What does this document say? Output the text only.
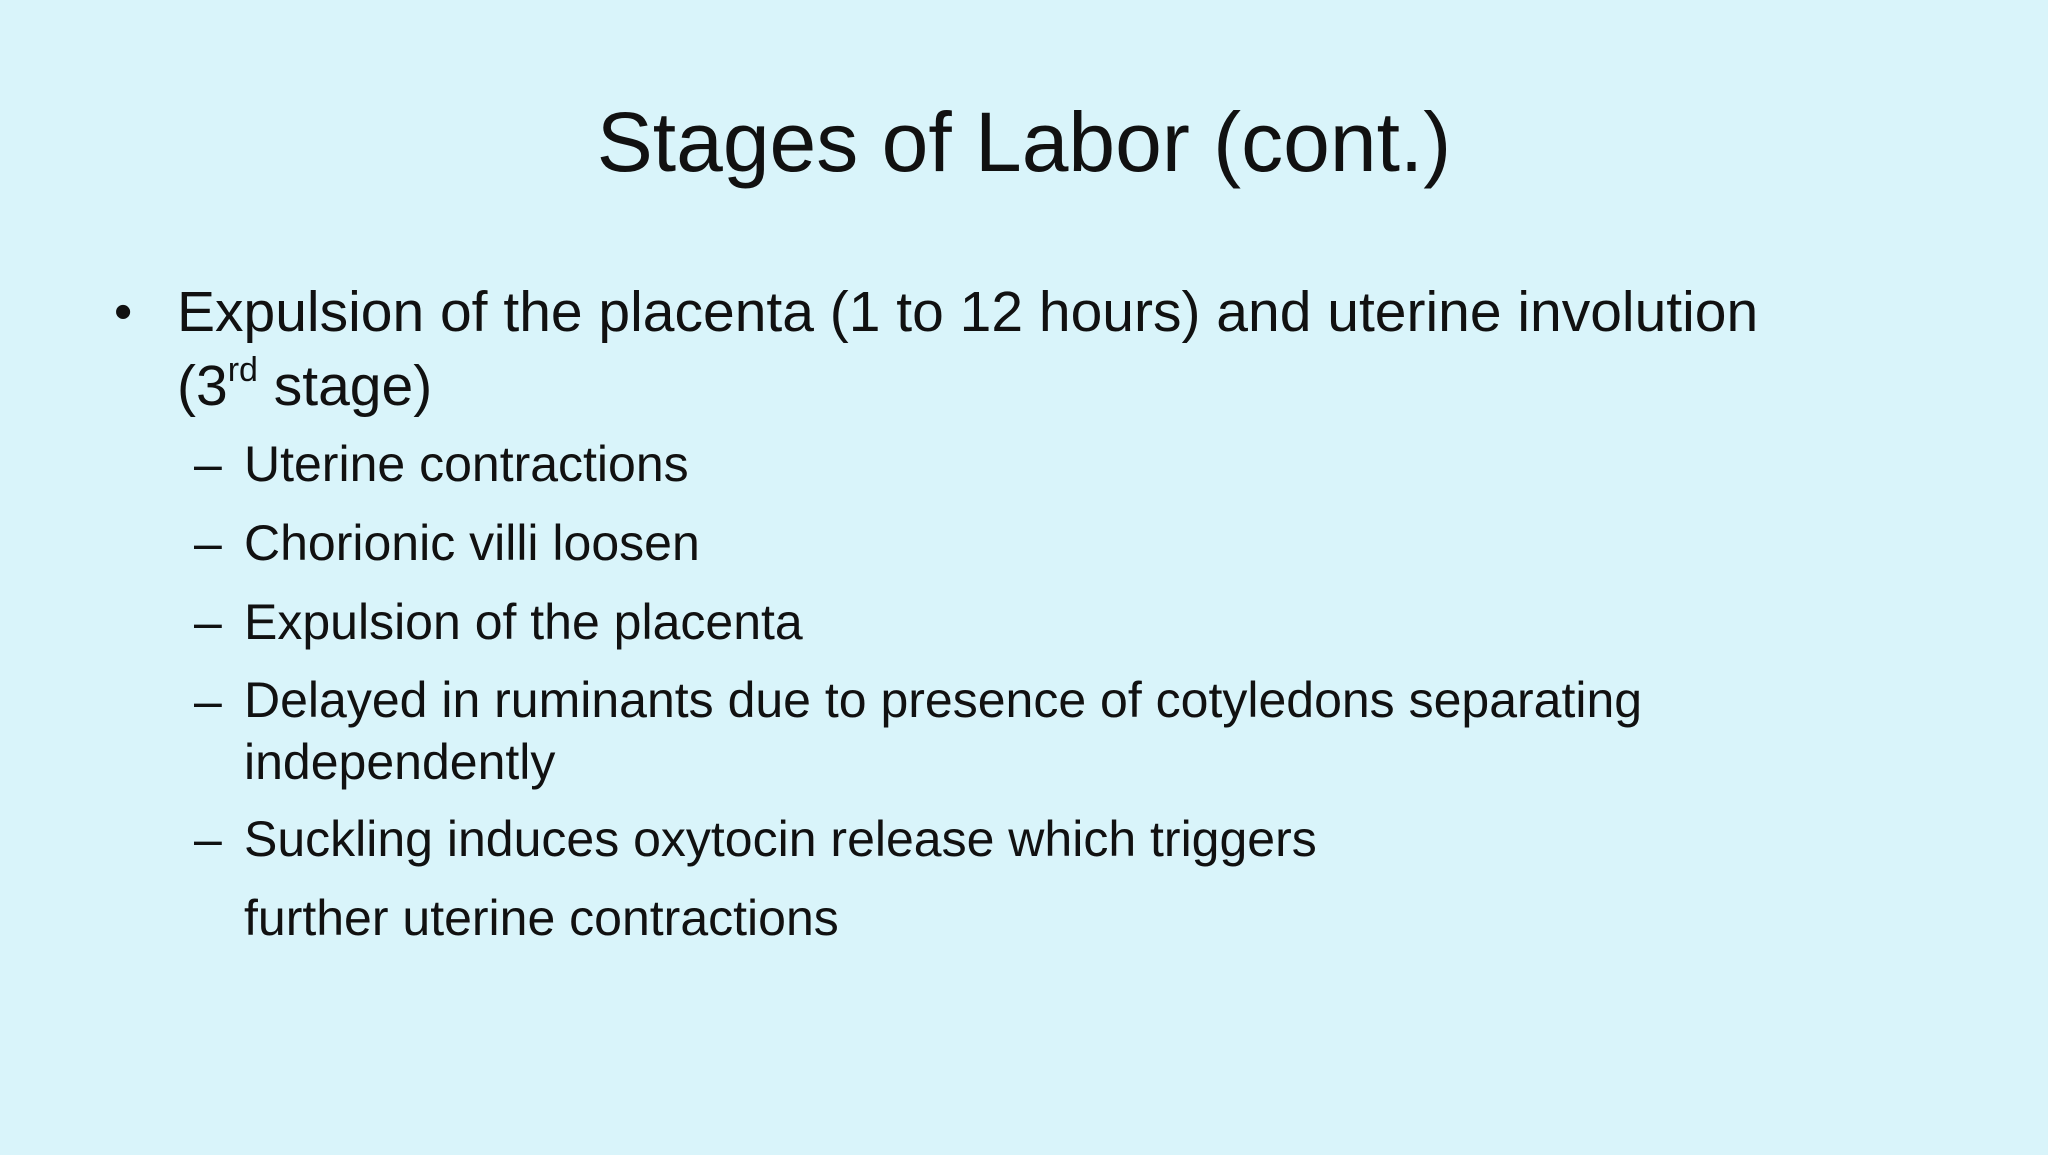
Stages of Labor (cont.)
• Expulsion of the placenta (1 to 12 hours) and uterine involution (3rd stage)
– Uterine contractions
– Chorionic villi loosen
– Expulsion of the placenta
– Delayed in ruminants due to presence of cotyledons separating independently
– Suckling induces oxytocin release which triggers
further uterine contractions
